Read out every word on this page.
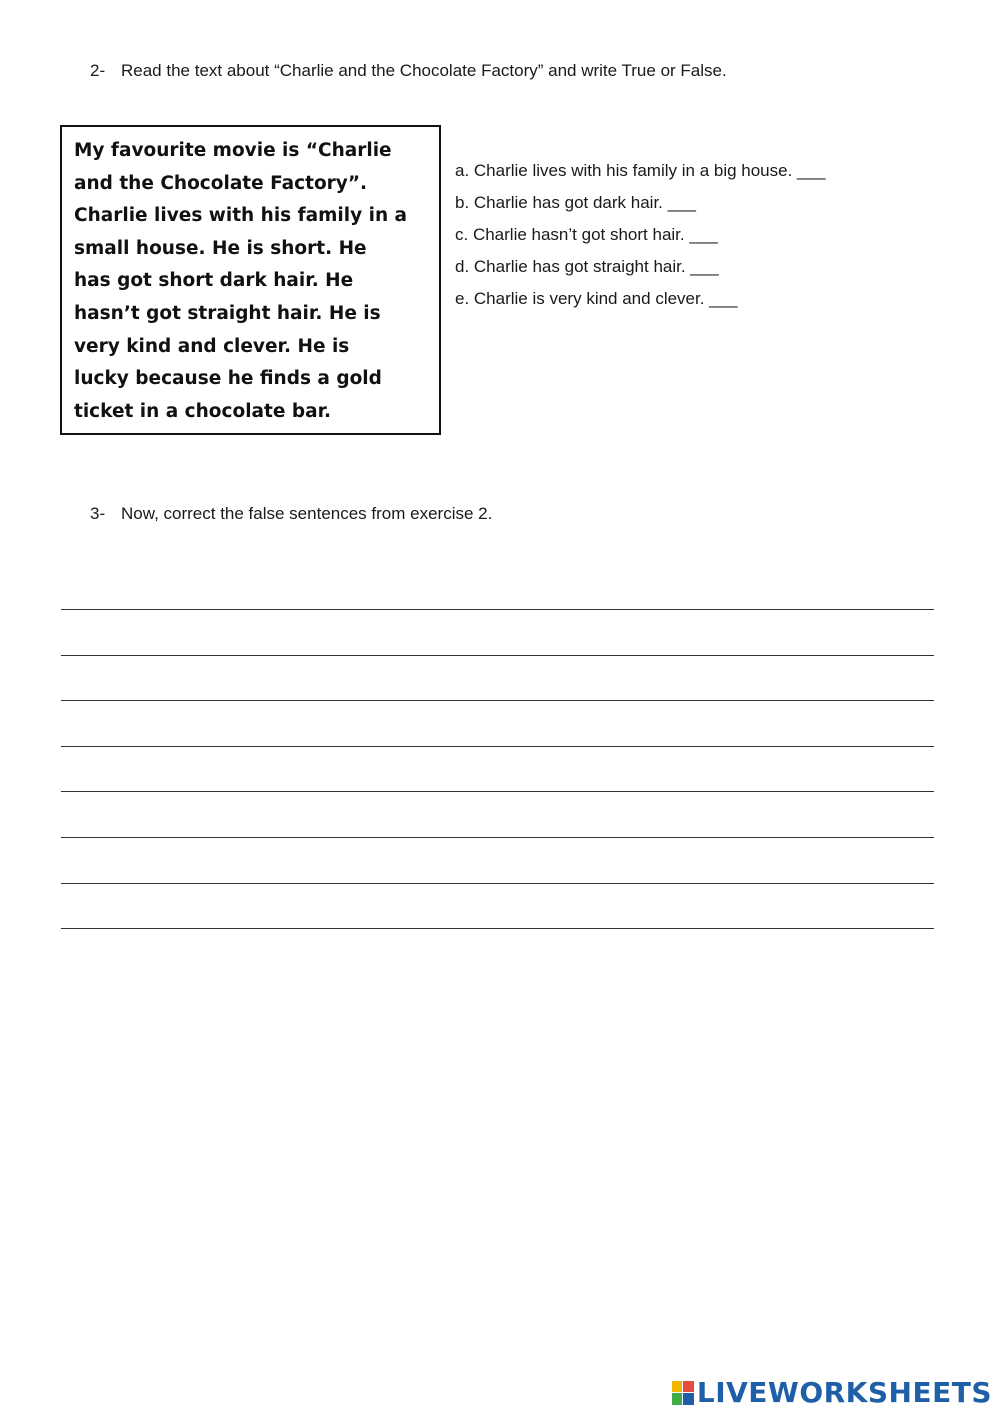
2- Read the text about “Charlie and the Chocolate Factory” and write True or False.
My favourite movie is “Charlie
and the Chocolate Factory”.
Charlie lives with his family in a
small house. He is short. He
has got short dark hair. He
hasn’t got straight hair. He is
very kind and clever. He is
lucky because he finds a gold
ticket in a chocolate bar.
a. Charlie lives with his family in a big house. ___
b. Charlie has got dark hair. ___
c. Charlie hasn’t got short hair. ___
d. Charlie has got straight hair. ___
e. Charlie is very kind and clever. ___
3- Now, correct the false sentences from exercise 2.
LIVEWORKSHEETS
